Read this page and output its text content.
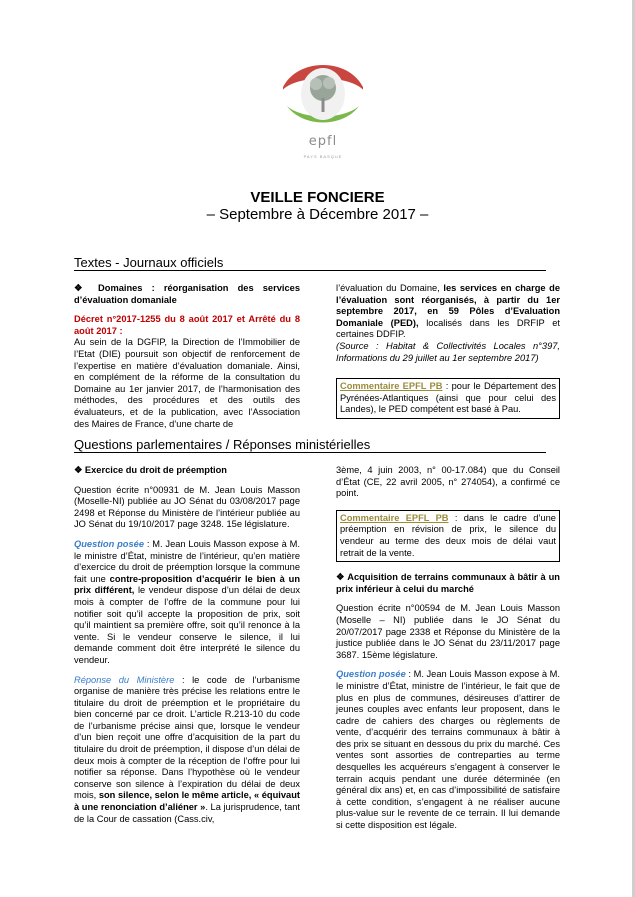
epfl
PAYS BASQUE
VEILLE FONCIERE
– Septembre à Décembre 2017 –
Textes - Journaux officiels

❖ Domaines : réorganisation des services d’évaluation domaniale

Décret n°2017-1255 du 8 août 2017 et Arrêté du 8 août 2017 :

Au sein de la DGFIP, la Direction de l’Immobilier de l’Etat (DIE) poursuit son objectif de renforcement de l’expertise en matière d’évaluation domaniale. Ainsi, en complément de la réforme de la consultation du Domaine au 1er janvier 2017, de l’harmonisation des méthodes, des procédures et des outils des évaluateurs, et de la publication, avec l’Association des Maires de France, d’une charte de

l’évaluation du Domaine, les services en charge de l’évaluation sont réorganisés, à partir du 1er septembre 2017, en 59 Pôles d’Evaluation Domaniale (PED), localisés dans les DRFIP et certaines DDFIP.

(Source : Habitat & Collectivités Locales n°397, Informations du 29 juillet au 1er septembre 2017)

Commentaire EPFL PB : pour le Département des Pyrénées-Atlantiques (ainsi que pour celui des Landes), le PED compétent est basé à Pau.
Questions parlementaires / Réponses ministérielles

❖ Exercice du droit de préemption

Question écrite n°00931 de M. Jean Louis Masson (Moselle-NI) publiée au JO Sénat du 03/08/2017 page 2498 et Réponse du Ministère de l’intérieur publiée au JO Sénat du 19/10/2017 page 3248. 15e législature.

Question posée : M. Jean Louis Masson expose à M. le ministre d’État, ministre de l’intérieur, qu’en matière d’exercice du droit de préemption lorsque la commune fait une contre-proposition d’acquérir le bien à un prix différent, le vendeur dispose d’un délai de deux mois à compter de l’offre de la commune pour lui notifier soit qu’il accepte la proposition de prix, soit qu’il maintient sa première offre, soit qu’il renonce à la vente. Si le vendeur conserve le silence, il lui demande comment doit être interprété le silence du vendeur.

Réponse du Ministère : le code de l’urbanisme organise de manière très précise les relations entre le titulaire du droit de préemption et le propriétaire du bien concerné par ce droit. L’article R.213-10 du code de l’urbanisme précise ainsi que, lorsque le vendeur d’un bien reçoit une offre d’acquisition de la part du titulaire du droit de préemption, il dispose d’un délai de deux mois à compter de la réception de l’offre pour lui notifier sa réponse. Dans l’hypothèse où le vendeur conserve son silence à l’expiration du délai de deux mois, son silence, selon le même article, « équivaut à une renonciation d’aliéner ». La jurisprudence, tant de la Cour de cassation (Cass.civ,

3ème, 4 juin 2003, n° 00-17.084) que du Conseil d’État (CE, 22 avril 2005, n° 274054), a confirmé ce point.

Commentaire EPFL PB : dans le cadre d’une préemption en révision de prix, le silence du vendeur au terme des deux mois de délai vaut retrait de la vente.

❖ Acquisition de terrains communaux à bâtir à un prix inférieur à celui du marché

Question écrite n°00594 de M. Jean Louis Masson (Moselle – NI) publiée dans le JO Sénat du 20/07/2017 page 2338 et Réponse du Ministère de la justice publiée dans le JO Sénat du 23/11/2017 page 3687. 15ème législature.

Question posée : M. Jean Louis Masson expose à M. le ministre d’État, ministre de l’intérieur, le fait que de plus en plus de communes, désireuses d’attirer de jeunes couples avec enfants leur proposent, dans le cadre de cahiers des charges ou règlements de vente, d’acquérir des terrains communaux à bâtir à des prix se situant en dessous du prix du marché. Ces ventes sont assorties de contreparties au terme desquelles les acquéreurs s’engagent à conserver le terrain acquis pendant une durée déterminée (en général dix ans) et, en cas d’impossibilité de satisfaire à cette condition, s’engagent à ne réaliser aucune plus-value sur le revente de ce terrain. Il lui demande si cette disposition est légale.
